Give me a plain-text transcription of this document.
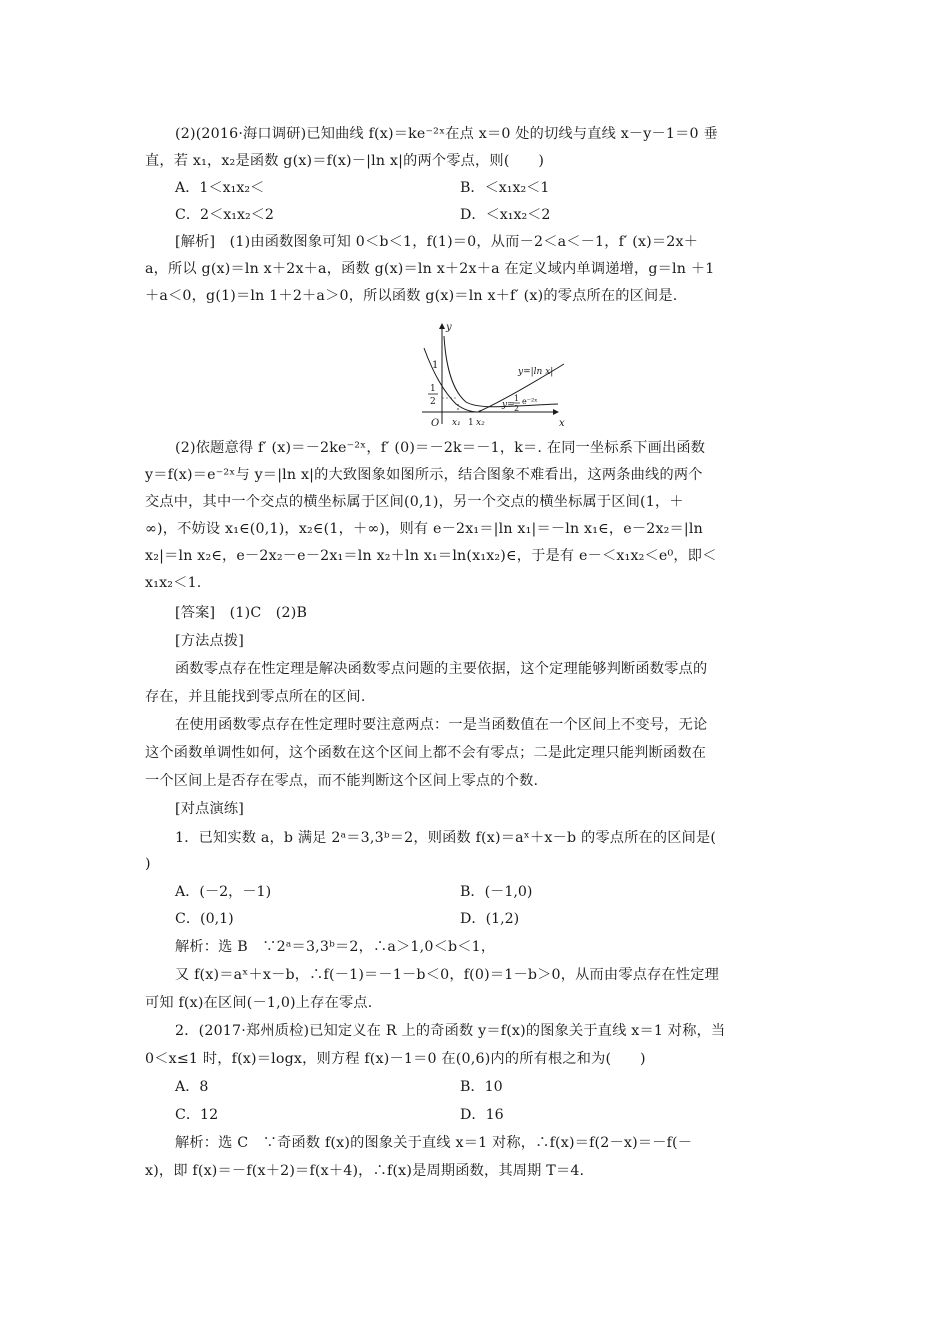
(2)(2016·海口调研)已知曲线 f(x)＝ke⁻²ˣ在点 x＝0 处的切线与直线 x－y－1＝0 垂
直，若 x₁，x₂是函数 g(x)＝f(x)－|ln x|的两个零点，则(　　)
A．1＜x₁x₂＜	B．＜x₁x₂＜1
C．2＜x₁x₂＜2	D．＜x₁x₂＜2
[解析]　(1)由函数图象可知 0＜b＜1，f(1)＝0，从而－2＜a＜－1，f′ (x)＝2x＋
a，所以 g(x)＝ln x＋2x＋a，函数 g(x)＝ln x＋2x＋a 在定义域内单调递增，g＝ln ＋1
＋a＜0，g(1)＝ln 1＋2＋a＞0，所以函数 g(x)＝ln x＋f′ (x)的零点所在的区间是.
y
x
O
1
1
2
y=|ln x|
y=
1
2
e⁻²ˣ
x₁ 1 x₂
(2)依题意得 f′ (x)＝－2ke⁻²ˣ，f′ (0)＝－2k＝－1，k＝. 在同一坐标系下画出函数
y＝f(x)＝e⁻²ˣ与 y＝|ln x|的大致图象如图所示，结合图象不难看出，这两条曲线的两个
交点中，其中一个交点的横坐标属于区间(0,1)，另一个交点的横坐标属于区间(1，＋
∞)，不妨设 x₁∈(0,1)，x₂∈(1，＋∞)，则有 e－2x₁＝|ln x₁|＝－ln x₁∈，e－2x₂＝|ln
x₂|＝ln x₂∈，e－2x₂－e－2x₁＝ln x₂＋ln x₁＝ln(x₁x₂)∈，于是有 e－＜x₁x₂＜e⁰，即＜
x₁x₂＜1.
[答案]　(1)C　(2)B
[方法点拨]
函数零点存在性定理是解决函数零点问题的主要依据，这个定理能够判断函数零点的
存在，并且能找到零点所在的区间.
在使用函数零点存在性定理时要注意两点：一是当函数值在一个区间上不变号，无论
这个函数单调性如何，这个函数在这个区间上都不会有零点；二是此定理只能判断函数在
一个区间上是否存在零点，而不能判断这个区间上零点的个数.
[对点演练]
1．已知实数 a，b 满足 2ᵃ＝3,3ᵇ＝2，则函数 f(x)＝aˣ＋x－b 的零点所在的区间是(
)
A．(－2，－1)	B．(－1,0)
C．(0,1)	D．(1,2)
解析：选 B　∵2ᵃ＝3,3ᵇ＝2，∴a＞1,0＜b＜1，
又 f(x)＝aˣ＋x－b，∴f(－1)＝－1－b＜0，f(0)＝1－b＞0，从而由零点存在性定理
可知 f(x)在区间(－1,0)上存在零点.
2．(2017·郑州质检)已知定义在 R 上的奇函数 y＝f(x)的图象关于直线 x＝1 对称，当
0＜x≤1 时，f(x)＝logx，则方程 f(x)－1＝0 在(0,6)内的所有根之和为(　　)
A．8	B．10
C．12	D．16
解析：选 C　∵奇函数 f(x)的图象关于直线 x＝1 对称，∴f(x)＝f(2－x)＝－f(－
x)，即 f(x)＝－f(x＋2)＝f(x＋4)，∴f(x)是周期函数，其周期 T＝4.
